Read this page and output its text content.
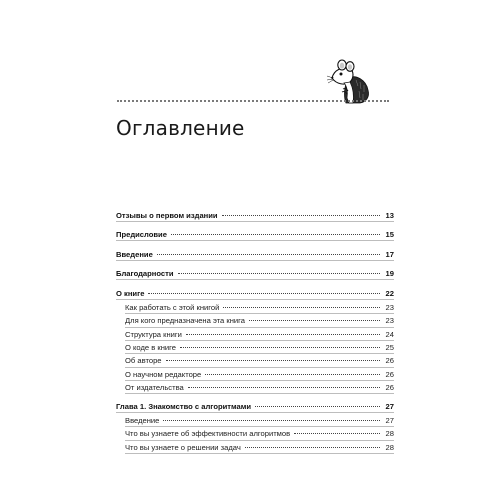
Оглавление
Отзывы о первом издании	13
Предисловие	15
Введение	17
Благодарности	19
О книге	22
Как работать с этой книгой	23
Для кого предназначена эта книга	23
Структура книги	24
О коде в книге	25
Об авторе	26
О научном редакторе	26
От издательства	26
Глава 1. Знакомство с алгоритмами	27
Введение	27
Что вы узнаете об эффективности алгоритмов	28
Что вы узнаете о решении задач	28
